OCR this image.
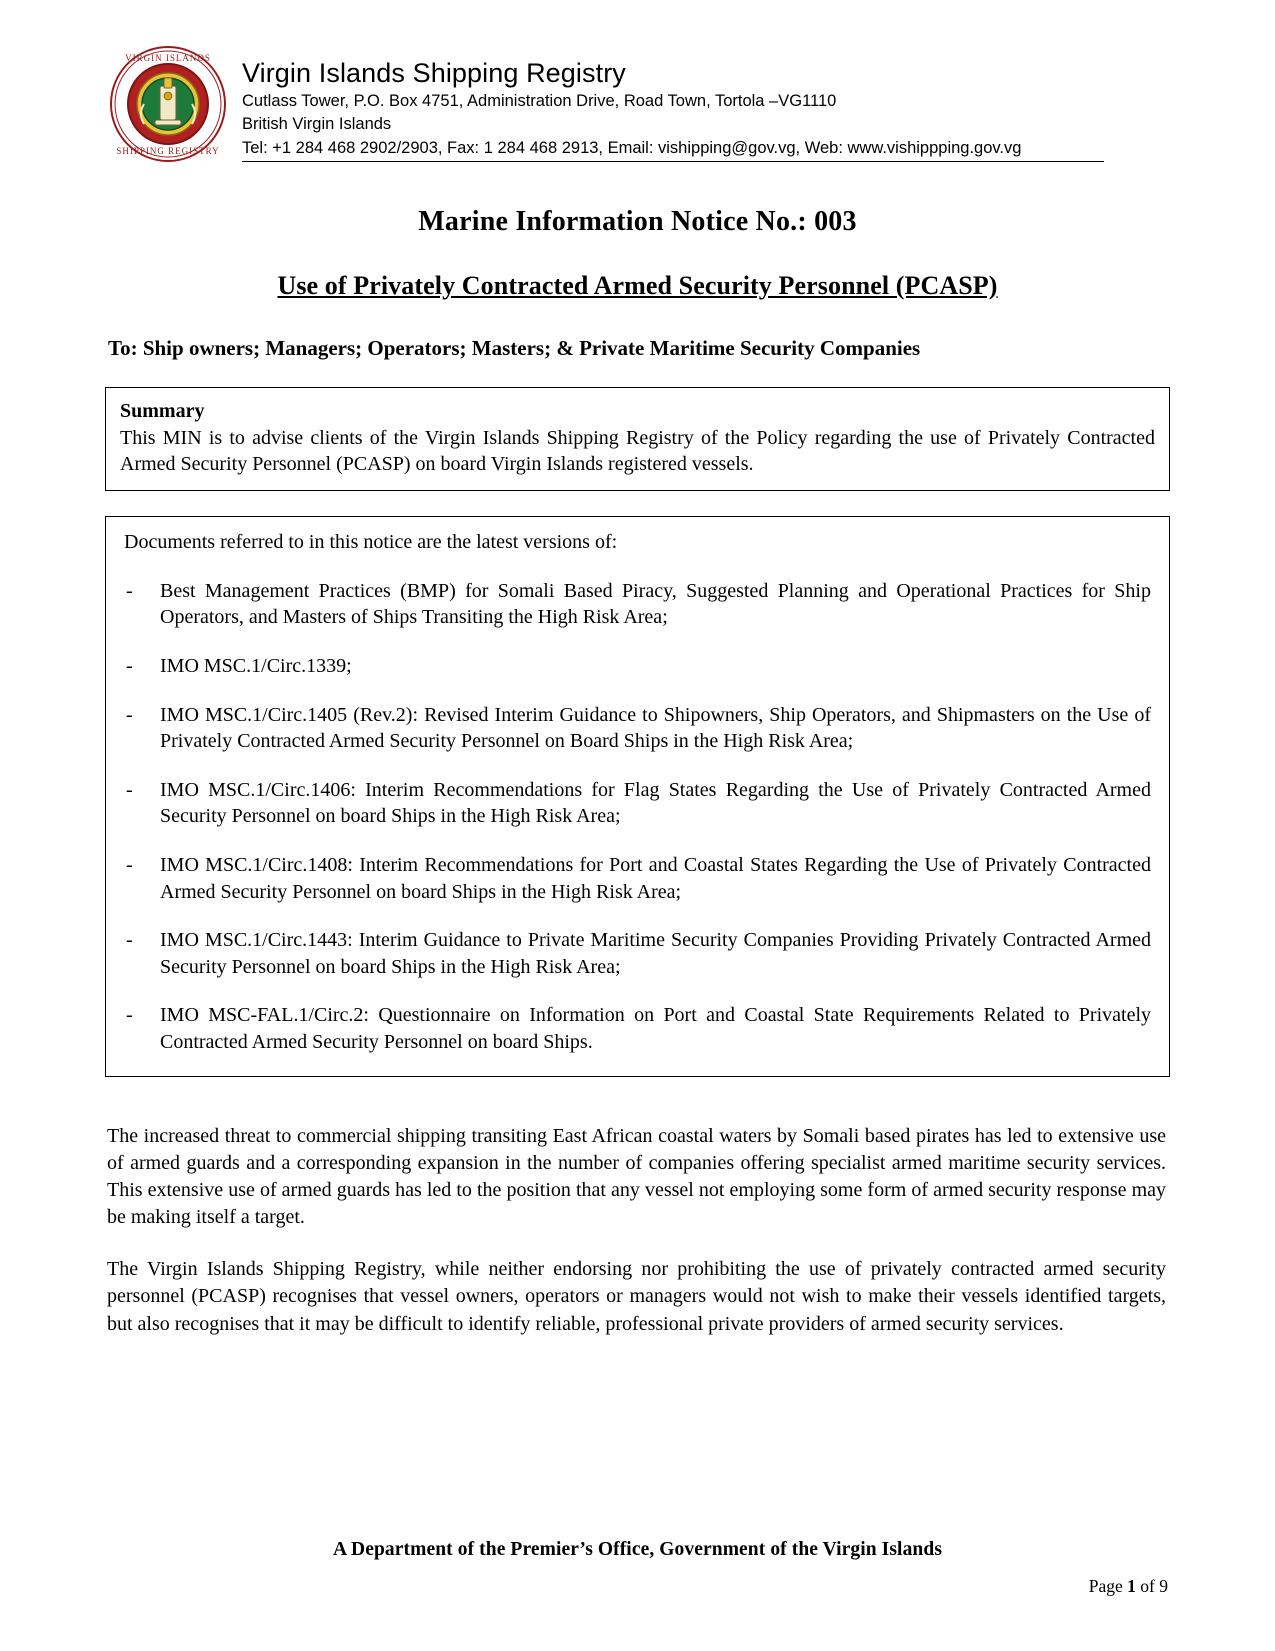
VIRGIN ISLANDS
SHIPPING REGISTRY
Virgin Islands Shipping Registry
Cutlass Tower, P.O. Box 4751, Administration Drive, Road Town, Tortola –VG1110
British Virgin Islands
Tel: +1 284 468 2902/2903, Fax: 1 284 468 2913, Email: vishipping@gov.vg, Web: www.vishippping.gov.vg
Marine Information Notice No.: 003
Use of Privately Contracted Armed Security Personnel (PCASP)
To: Ship owners; Managers; Operators; Masters; & Private Maritime Security Companies
Summary
This MIN is to advise clients of the Virgin Islands Shipping Registry of the Policy regarding the use of Privately Contracted Armed Security Personnel (PCASP) on board Virgin Islands registered vessels.
Documents referred to in this notice are the latest versions of:
-	Best Management Practices (BMP) for Somali Based Piracy, Suggested Planning and Operational Practices for Ship Operators, and Masters of Ships Transiting the High Risk Area;
-	IMO MSC.1/Circ.1339;
-	IMO MSC.1/Circ.1405 (Rev.2): Revised Interim Guidance to Shipowners, Ship Operators, and Shipmasters on the Use of Privately Contracted Armed Security Personnel on Board Ships in the High Risk Area;
-	IMO MSC.1/Circ.1406: Interim Recommendations for Flag States Regarding the Use of Privately Contracted Armed Security Personnel on board Ships in the High Risk Area;
-	IMO MSC.1/Circ.1408: Interim Recommendations for Port and Coastal States Regarding the Use of Privately Contracted Armed Security Personnel on board Ships in the High Risk Area;
-	IMO MSC.1/Circ.1443: Interim Guidance to Private Maritime Security Companies Providing Privately Contracted Armed Security Personnel on board Ships in the High Risk Area;
-	IMO MSC-FAL.1/Circ.2: Questionnaire on Information on Port and Coastal State Requirements Related to Privately Contracted Armed Security Personnel on board Ships.

The increased threat to commercial shipping transiting East African coastal waters by Somali based pirates has led to extensive use of armed guards and a corresponding expansion in the number of companies offering specialist armed maritime security services. This extensive use of armed guards has led to the position that any vessel not employing some form of armed security response may be making itself a target.

The Virgin Islands Shipping Registry, while neither endorsing nor prohibiting the use of privately contracted armed security personnel (PCASP) recognises that vessel owners, operators or managers would not wish to make their vessels identified targets, but also recognises that it may be difficult to identify reliable, professional private providers of armed security services.

A Department of the Premier’s Office, Government of the Virgin Islands
Page 1 of 9
